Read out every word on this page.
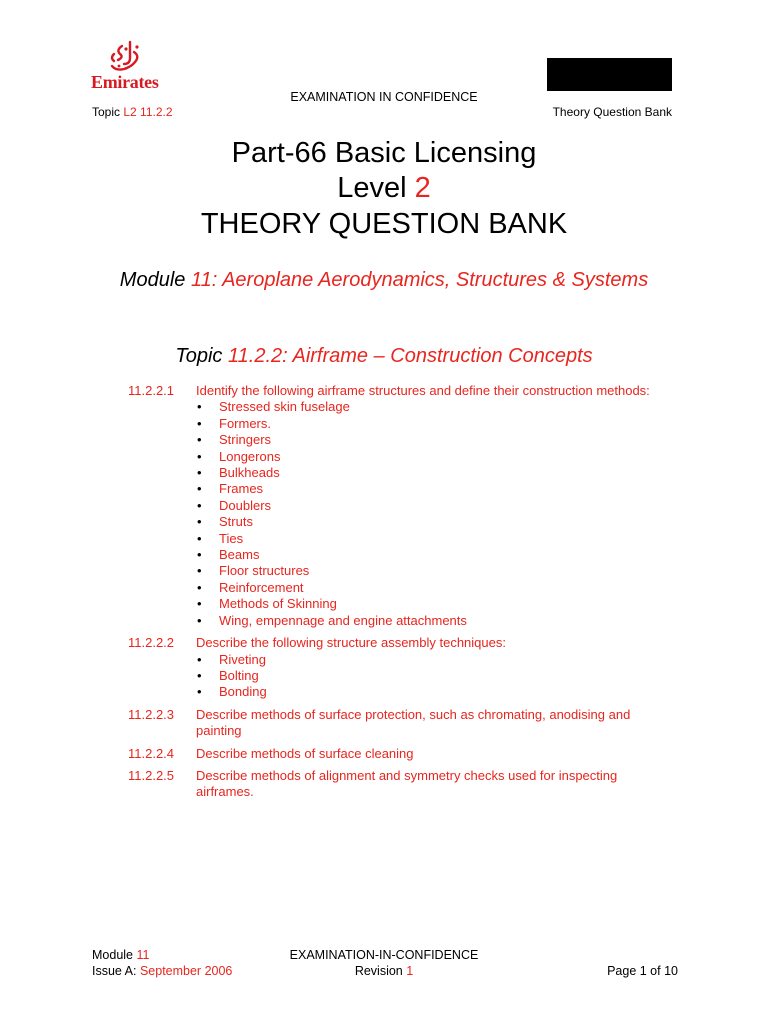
Emirates
EXAMINATION IN CONFIDENCE
Topic L2 11.2.2	Theory Question Bank
Part-66 Basic Licensing
Level 2
THEORY QUESTION BANK
Module 11: Aeroplane Aerodynamics, Structures & Systems
Topic 11.2.2: Airframe – Construction Concepts
11.2.2.1	Identify the following airframe structures and define their construction methods:
• Stressed skin fuselage
• Formers.
• Stringers
• Longerons
• Bulkheads
• Frames
• Doublers
• Struts
• Ties
• Beams
• Floor structures
• Reinforcement
• Methods of Skinning
• Wing, empennage and engine attachments
11.2.2.2	Describe the following structure assembly techniques:
• Riveting
• Bolting
• Bonding
11.2.2.3	Describe methods of surface protection, such as chromating, anodising and painting
11.2.2.4	Describe methods of surface cleaning
11.2.2.5	Describe methods of alignment and symmetry checks used for inspecting airframes.
Module 11
Issue A: September 2006
EXAMINATION-IN-CONFIDENCE
Revision 1
	Page 1 of 10
